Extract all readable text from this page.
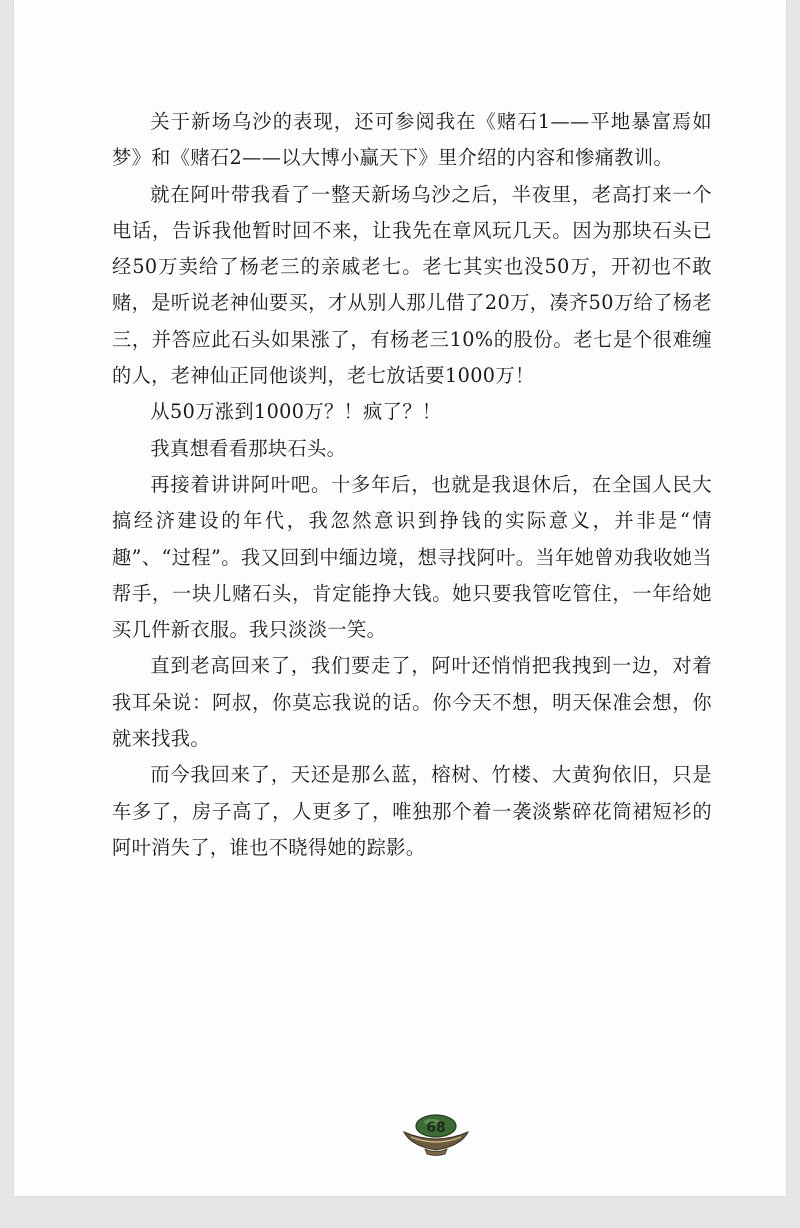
关于新场乌沙的表现，还可参阅我在《赌石1——平地暴富焉如梦》和《赌石2——以大博小赢天下》里介绍的内容和惨痛教训。

就在阿叶带我看了一整天新场乌沙之后，半夜里，老高打来一个电话，告诉我他暂时回不来，让我先在章风玩几天。因为那块石头已经50万卖给了杨老三的亲戚老七。老七其实也没50万，开初也不敢赌，是听说老神仙要买，才从别人那儿借了20万，凑齐50万给了杨老三，并答应此石头如果涨了，有杨老三10%的股份。老七是个很难缠的人，老神仙正同他谈判，老七放话要1000万！

从50万涨到1000万？！疯了？！

我真想看看那块石头。

再接着讲讲阿叶吧。十多年后，也就是我退休后，在全国人民大搞经济建设的年代，我忽然意识到挣钱的实际意义，并非是“情趣”、“过程”。我又回到中缅边境，想寻找阿叶。当年她曾劝我收她当帮手，一块儿赌石头，肯定能挣大钱。她只要我管吃管住，一年给她买几件新衣服。我只淡淡一笑。

直到老高回来了，我们要走了，阿叶还悄悄把我拽到一边，对着我耳朵说：阿叔，你莫忘我说的话。你今天不想，明天保准会想，你就来找我。

而今我回来了，天还是那么蓝，榕树、竹楼、大黄狗依旧，只是车多了，房子高了，人更多了，唯独那个着一袭淡紫碎花筒裙短衫的阿叶消失了，谁也不晓得她的踪影。

68
